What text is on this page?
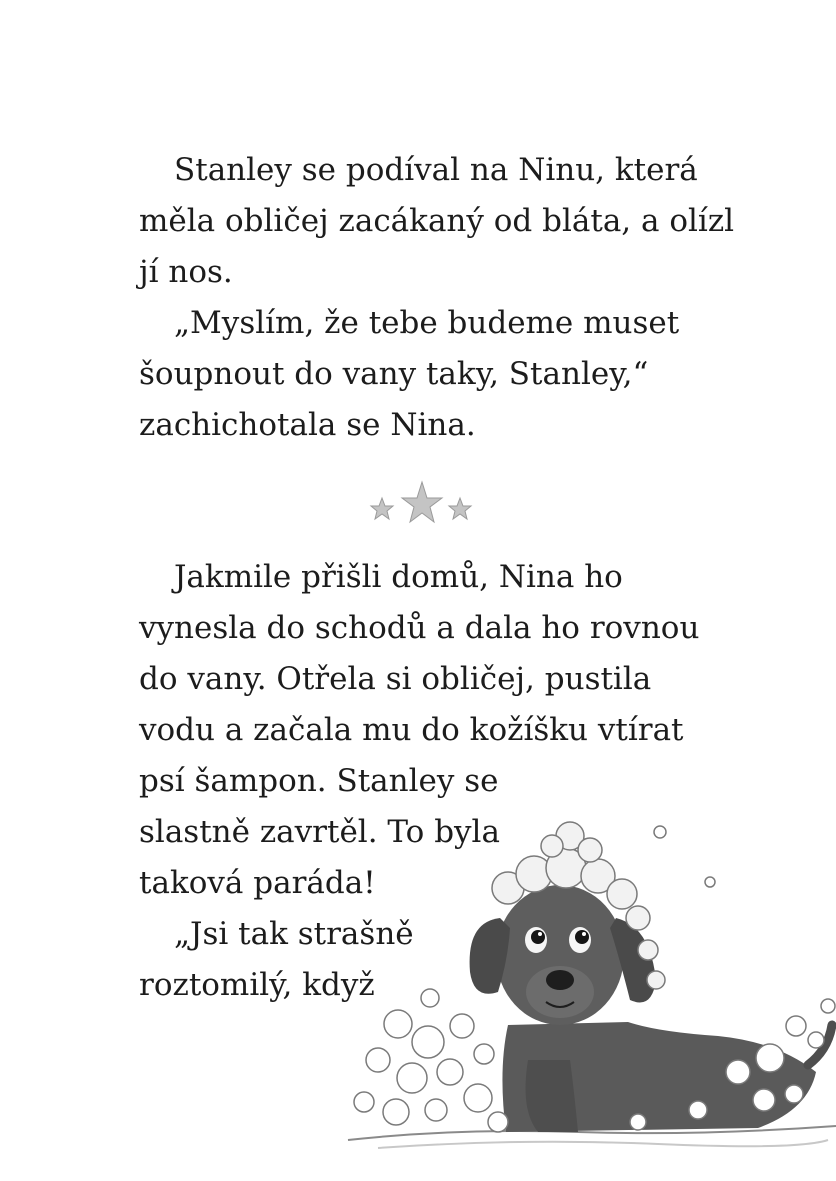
Stanley se podíval na Ninu, která
měla obličej zacákaný od bláta, a olízl
jí nos.
„Myslím, že tebe budeme muset
šoupnout do vany taky, Stanley,“
zachichotala se Nina.
Jakmile přišli domů, Nina ho
vynesla do schodů a dala ho rovnou
do vany. Otřela si obličej, pustila
vodu a začala mu do kožíšku vtírat
psí šampon. Stanley se
slastně zavrtěl. To byla
taková paráda!
„Jsi tak strašně
roztomilý, když
